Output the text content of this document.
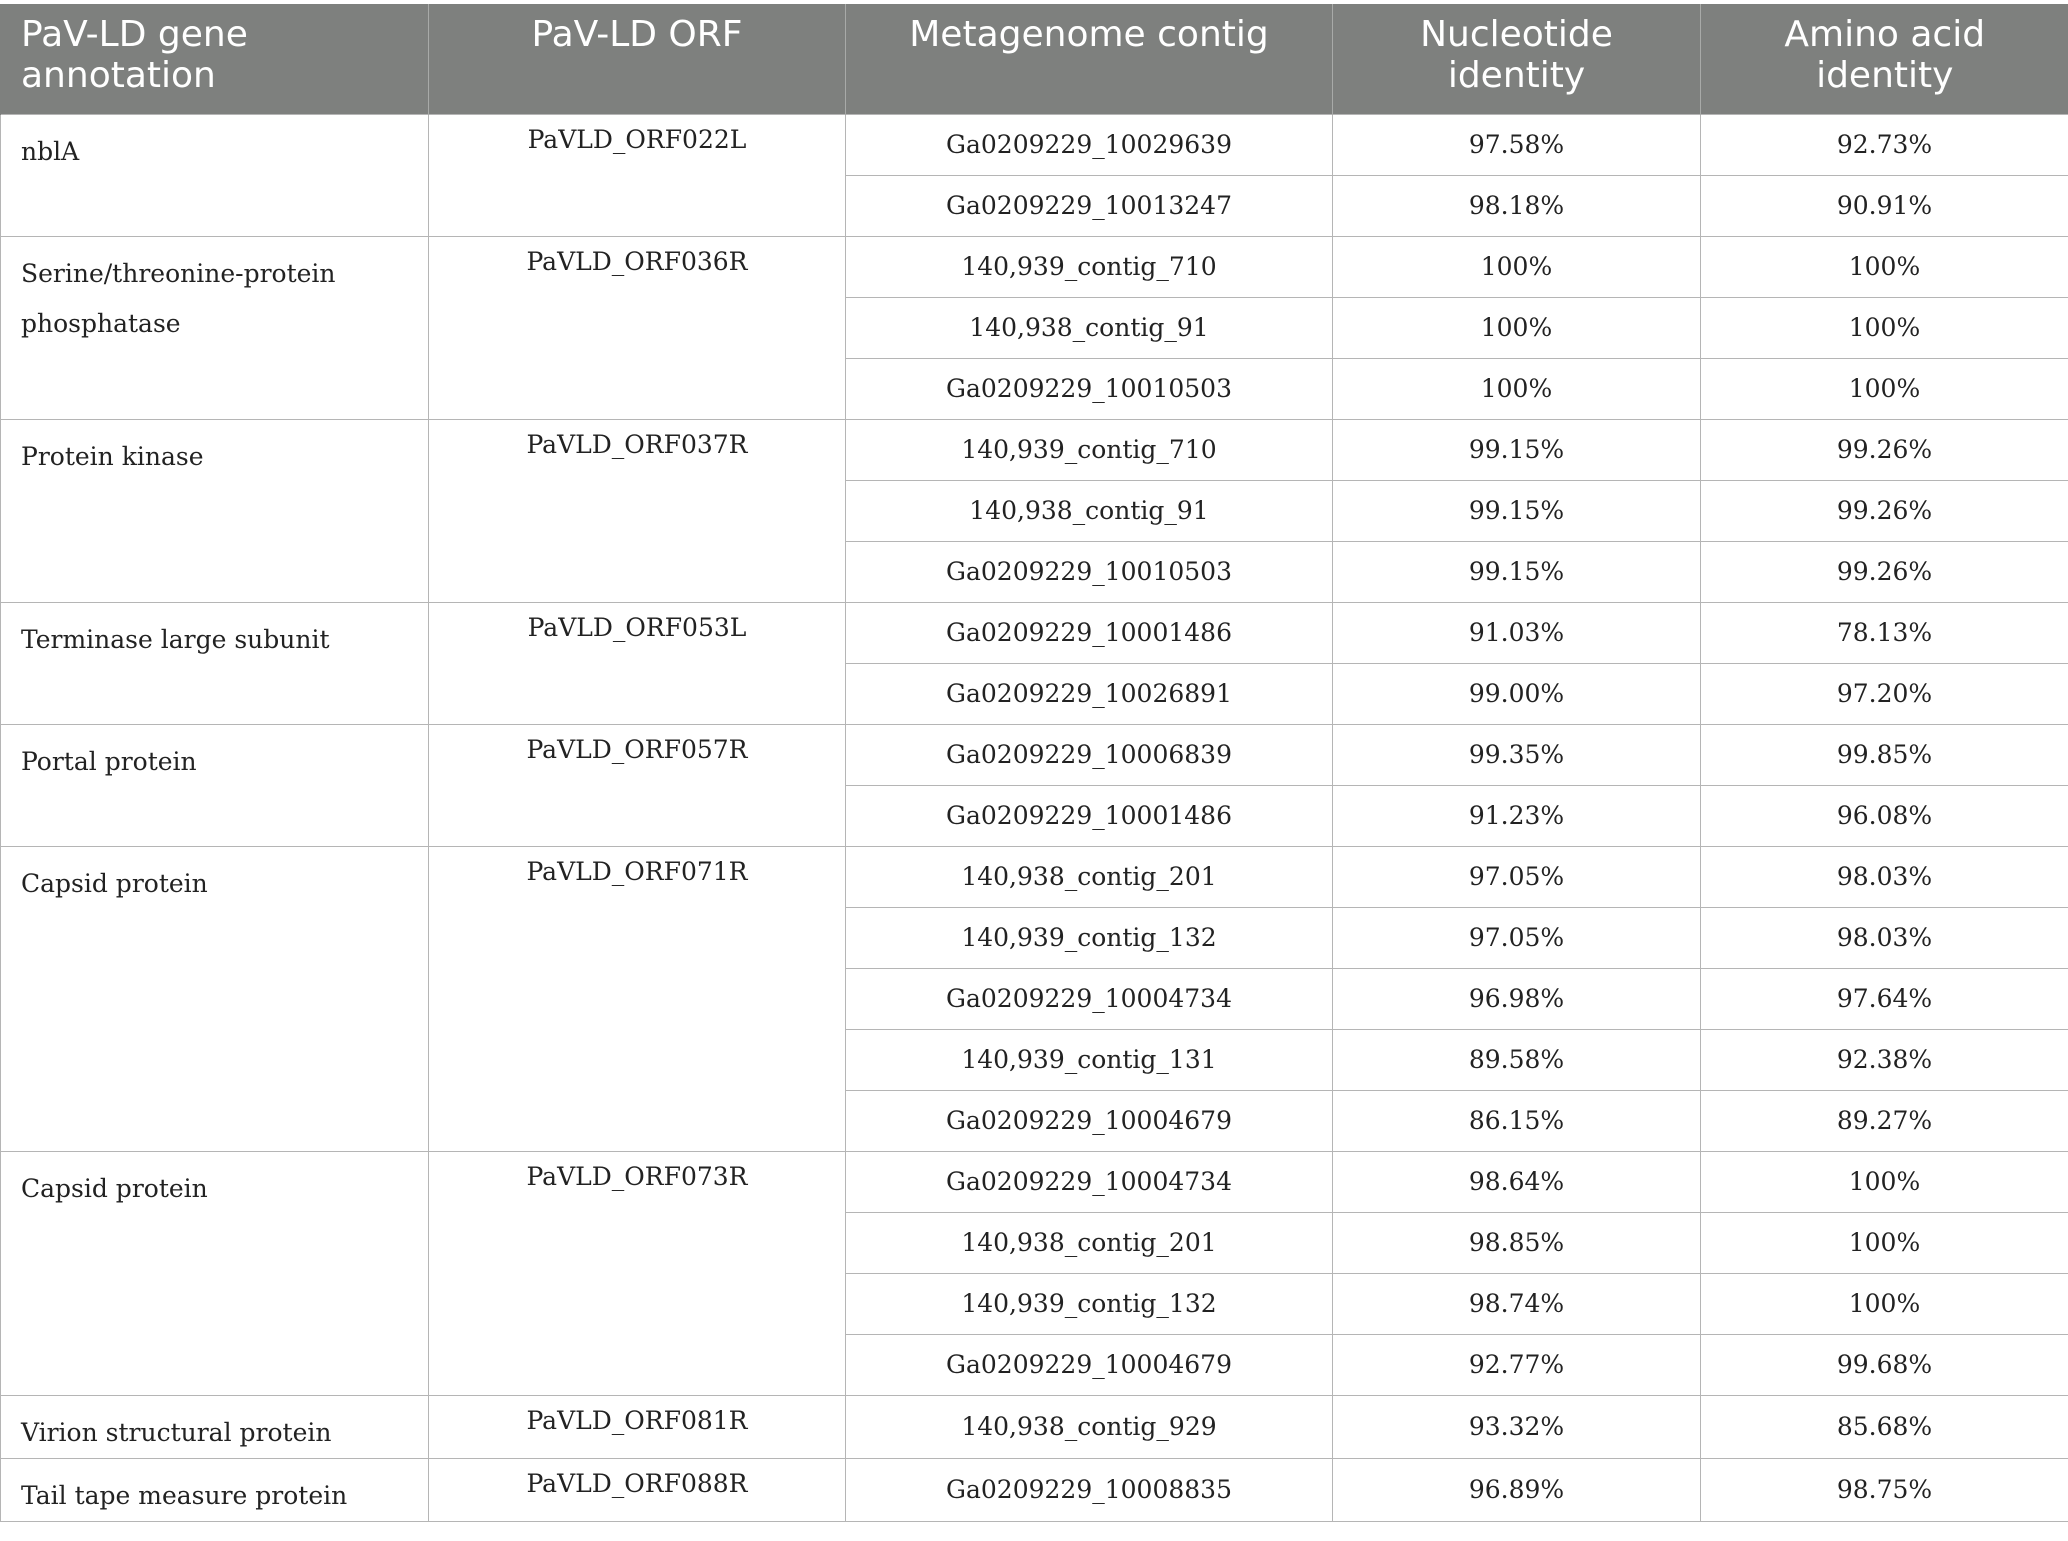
PaV-LD gene annotation	PaV-LD ORF	Metagenome contig	Nucleotide identity	Amino acid identity
nblA	PaVLD_ORF022L	Ga0209229_10029639	97.58%	92.73%
		Ga0209229_10013247	98.18%	90.91%
Serine/threonine-protein phosphatase	PaVLD_ORF036R	140,939_contig_710	100%	100%
		140,938_contig_91	100%	100%
		Ga0209229_10010503	100%	100%
Protein kinase	PaVLD_ORF037R	140,939_contig_710	99.15%	99.26%
		140,938_contig_91	99.15%	99.26%
		Ga0209229_10010503	99.15%	99.26%
Terminase large subunit	PaVLD_ORF053L	Ga0209229_10001486	91.03%	78.13%
		Ga0209229_10026891	99.00%	97.20%
Portal protein	PaVLD_ORF057R	Ga0209229_10006839	99.35%	99.85%
		Ga0209229_10001486	91.23%	96.08%
Capsid protein	PaVLD_ORF071R	140,938_contig_201	97.05%	98.03%
		140,939_contig_132	97.05%	98.03%
		Ga0209229_10004734	96.98%	97.64%
		140,939_contig_131	89.58%	92.38%
		Ga0209229_10004679	86.15%	89.27%
Capsid protein	PaVLD_ORF073R	Ga0209229_10004734	98.64%	100%
		140,938_contig_201	98.85%	100%
		140,939_contig_132	98.74%	100%
		Ga0209229_10004679	92.77%	99.68%
Virion structural protein	PaVLD_ORF081R	140,938_contig_929	93.32%	85.68%
Tail tape measure protein	PaVLD_ORF088R	Ga0209229_10008835	96.89%	98.75%
